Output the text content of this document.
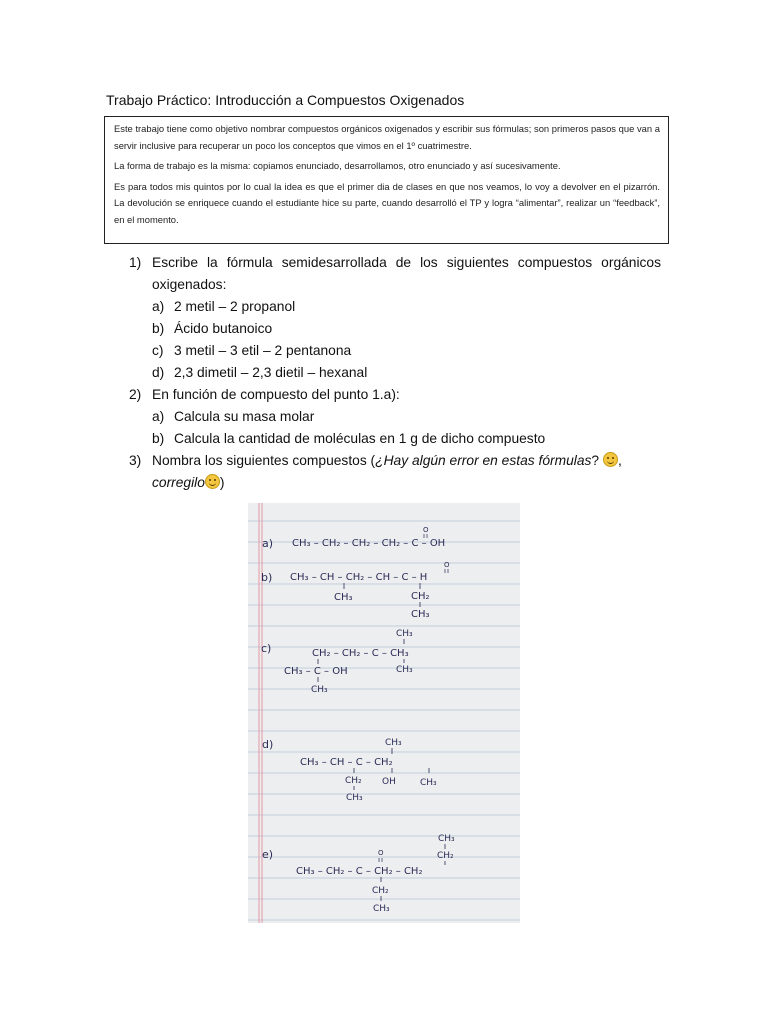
Trabajo Práctico: Introducción a Compuestos Oxigenados

Este trabajo tiene como objetivo nombrar compuestos orgánicos oxigenados y escribir sus fórmulas; son primeros pasos que van a servir inclusive para recuperar un poco los conceptos que vimos en el 1º cuatrimestre.

La forma de trabajo es la misma: copiamos enunciado, desarrollamos, otro enunciado y así sucesivamente.

Es para todos mis quintos por lo cual la idea es que el primer dia de clases en que nos veamos, lo voy a devolver en el pizarrón. La devolución se enriquece cuando el estudiante hice su parte, cuando desarrolló el TP y logra “alimentar”, realizar un “feedback”, en el momento.

1) Escribe la fórmula semidesarrollada de los siguientes compuestos orgánicos oxigenados:
a) 2 metil – 2 propanol
b) Ácido butanoico
c) 3 metil – 3 etil – 2 pentanona
d) 2,3 dimetil – 2,3 dietil – hexanal
2) En función de compuesto del punto 1.a):
a) Calcula su masa molar
b) Calcula la cantidad de moléculas en 1 g de dicho compuesto
3) Nombra los siguientes compuestos (¿Hay algún error en estas fórmulas? ,
corregilo )
a) CH₃ – CH₂ – CH₂ – CH₂ – C – OH
O
b) CH₃ – CH – CH₂ – CH – C – H
O
CH₃	CH₂
CH₃
c)
CH₃
CH₂ – CH₂ – C – CH₃
CH₃
CH₃ – C – OH
CH₃
d)	CH₃
CH₃ – CH – C – CH₂
CH₂
CH₃
OH	CH₃
e)
CH₃
CH₂
O
CH₃ – CH₂ – C – CH₂ – CH₂
CH₂
CH₃
